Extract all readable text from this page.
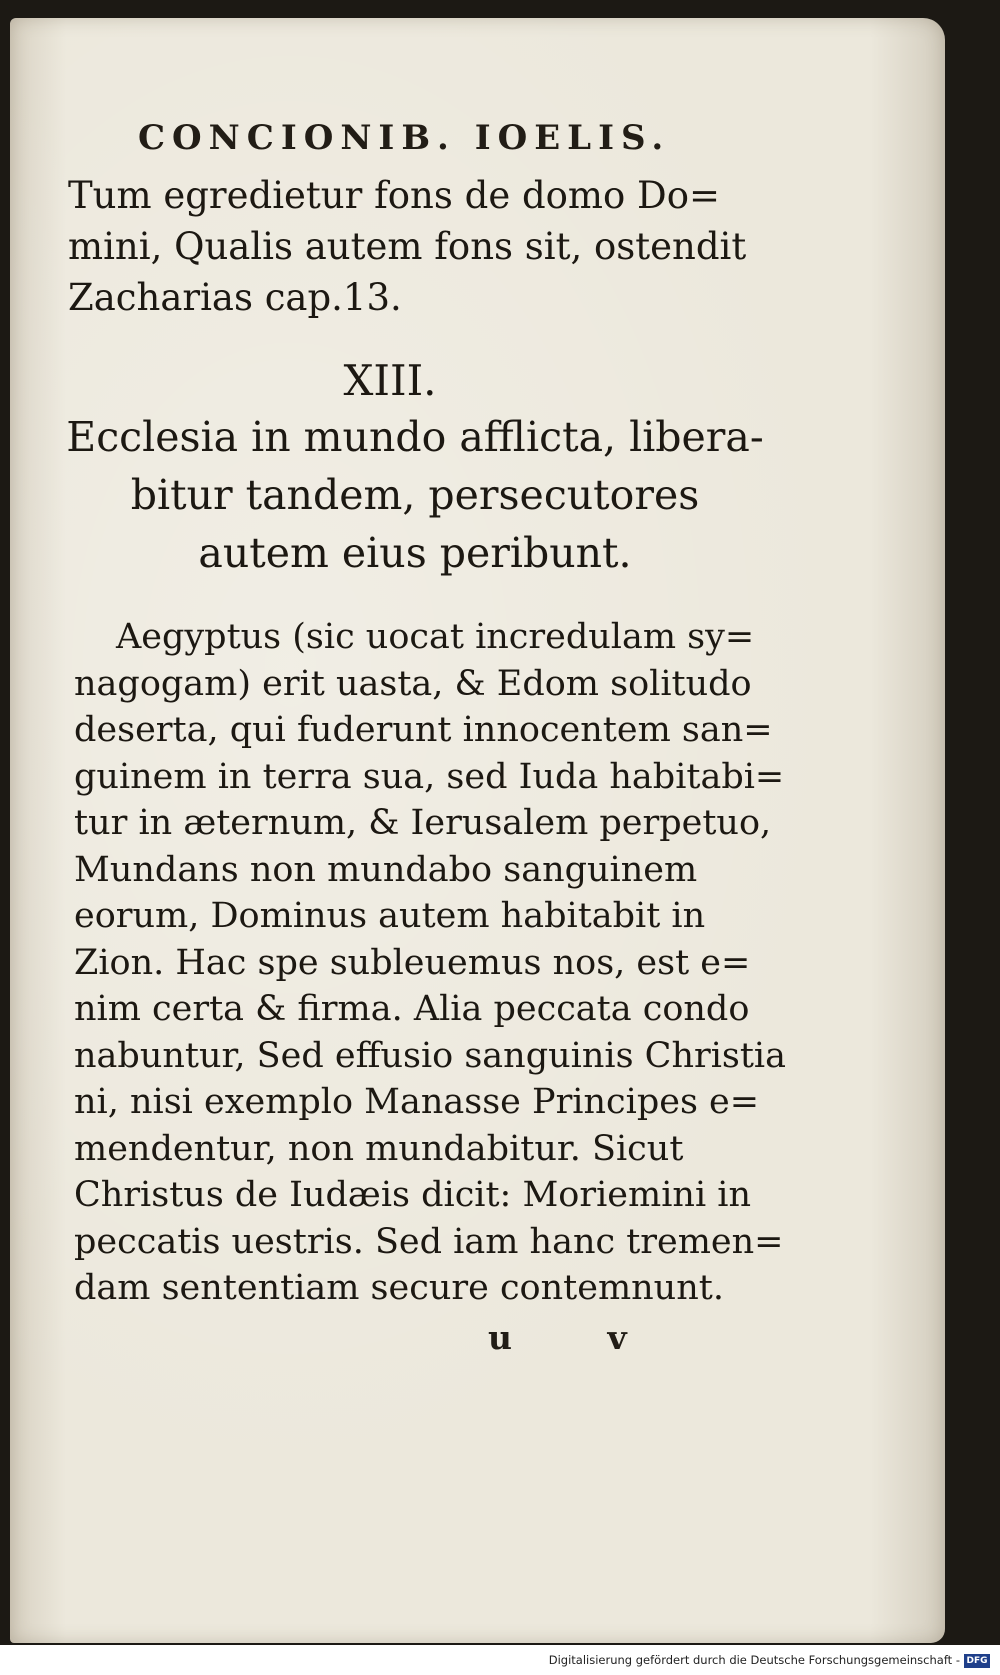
CONCIONIB. IOELIS.
Tum egredietur fons de domo Do=
mini, Qualis autem fons sit, ostendit
Zacharias cap.13.
XIII.
Ecclesia in mundo afflicta, libera-
bitur tandem, persecutores
autem eius peribunt.
Aegyptus (sic uocat incredulam sy=
nagogam) erit uasta, & Edom solitudo
deserta, qui fuderunt innocentem san=
guinem in terra sua, sed Iuda habitabi=
tur in æternum, & Ierusalem perpetuo,
Mundans non mundabo sanguinem
eorum, Dominus autem habitabit in
Zion. Hac spe subleuemus nos, est e=
nim certa & firma. Alia peccata condo
nabuntur, Sed effusio sanguinis Christia
ni, nisi exemplo Manasse Principes e=
mendentur, non mundabitur. Sicut
Christus de Iudæis dicit: Moriemini in
peccatis uestris. Sed iam hanc tremen=
dam sententiam secure contemnunt.
u v
Digitalisierung gefördert durch die Deutsche Forschungsgemeinschaft - DFG
